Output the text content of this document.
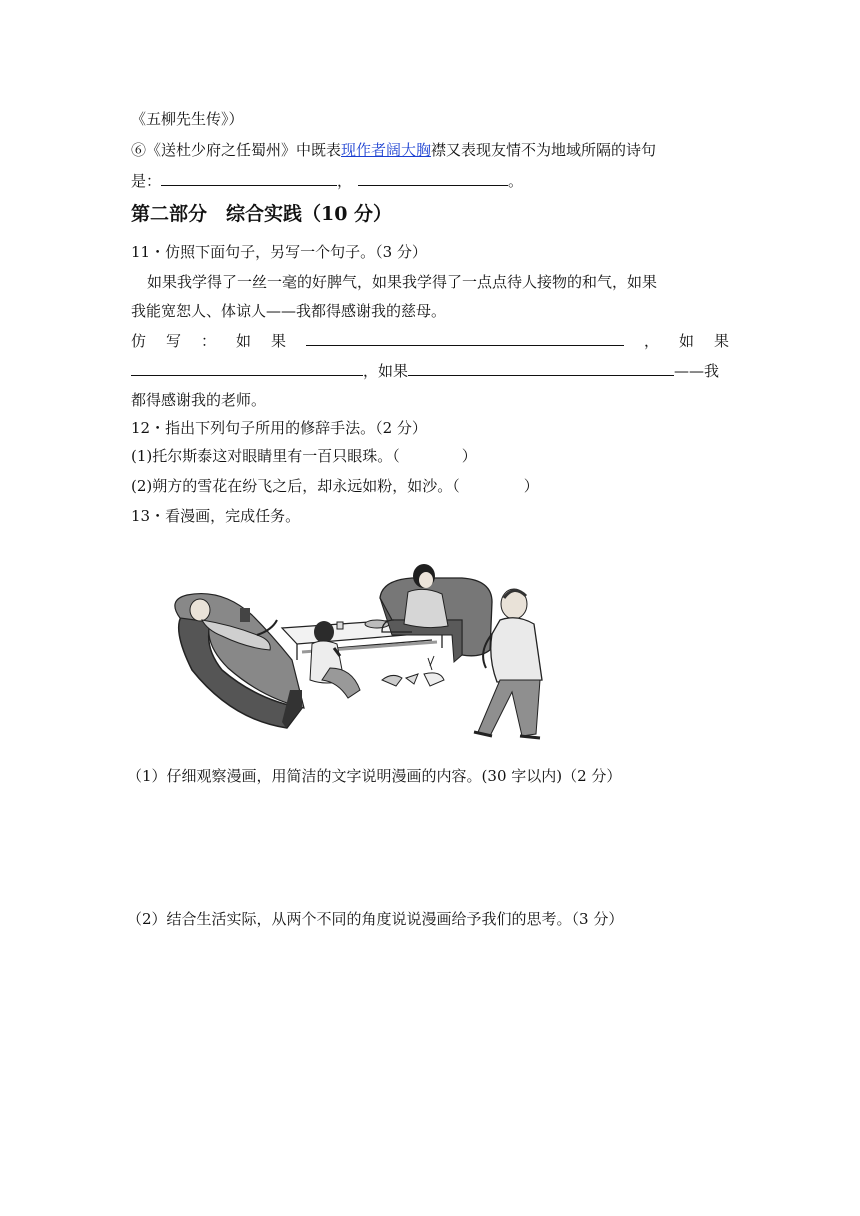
《五柳先生传》）
⑥《送杜少府之任蜀州》中既表现作者阔大胸襟又表现友情不为地域所隔的诗句
是：	，	。
第二部分　综合实践（10 分）
11・仿照下面句子，另写一个句子。（3 分）
如果我学得了一丝一毫的好脾气，如果我学得了一点点待人接物的和气，如果
我能宽恕人、体谅人——我都得感谢我的慈母。
仿 写 ： 如 果	， 如 果
，如果	——我
都得感谢我的老师。
12・指出下列句子所用的修辞手法。（2 分）
(1)托尔斯泰这对眼睛里有一百只眼珠。（	）
(2)朔方的雪花在纷飞之后，却永远如粉，如沙。（	）
13・看漫画，完成任务。
（1）仔细观察漫画，用简洁的文字说明漫画的内容。(30 字以内)（2 分）
（2）结合生活实际，从两个不同的角度说说漫画给予我们的思考。（3 分）
